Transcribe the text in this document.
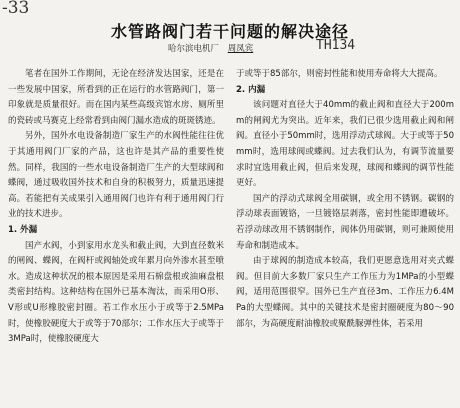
-33
水管路阀门若干问题的解决途径
哈尔滨电机厂 周凤宾	TH134

笔者在国外工作期间，无论在经济发达国家，还是在一些发展中国家，所看到的正在运行的水管路阀门，第一印象就是质量很好。而在国内某些高级宾馆水房、厕所里的瓷砖或马赛克上经常看到由阀门漏水造成的斑斑锈迹。

另外，国外水电设备制造厂家生产的水阀性能往往优于其通用阀门厂家的产品，这也许是其产品的重要性使然。同样，我国的一些水电设备制造厂生产的大型球阀和蝶阀，通过吸收国外技术和自身的积极努力，质量迅速提高。若能把有关成果引入通用阀门也许有利于通用阀门行业的技术进步。

1. 外漏

国产水阀，小到家用水龙头和截止阀，大到直径数米的闸阀、蝶阀，在阀杆或阀轴处或年累月向外渗水甚至喷水。造成这种状况的根本原因是采用石棉盘根或油麻盘根类密封结构。这种结构在国外已基本淘汰，而采用O形、V形或U形橡胶密封圈。若工作水压小于或等于2.5MPa时，使橡胶硬度大于或等于70部尔；工作水压大于或等于3MPa时，使橡胶硬度大

于或等于85部尔，则密封性能和使用寿命将大大提高。

2. 内漏

该问题对直径大于40mm的截止阀和直径大于200mm的闸阀尤为突出。近年来，我们已很少选用截止阀和闸阀。直径小于50mm时，选用浮动式球阀。大于或等于50mm时，选用球阀或蝶阀。过去我们认为，有调节流量要求时宜选用截止阀，但后来发现，球阀和蝶阀的调节性能更好。

国产的浮动式球阀全用碳钢，或全用不锈钢。碳钢的浮动球表面镀铬，一旦镀铬层剥落，密封性能即遭破坏。若浮动球改用不锈钢制作，阀体仍用碳钢，则可兼顾使用寿命和制造成本。

由于球阀的制造成本较高，我们更愿意选用对夹式蝶阀。但目前大多数厂家只生产工作压力为1MPa的小型蝶阀，适用范围很窄。国外已生产直径3m、工作压力6.4MPa的大型蝶阀。其中的关键技术是密封圈硬度为80～90部尔，为高硬度耐油橡胶或聚酰脲弹性体，若采用
